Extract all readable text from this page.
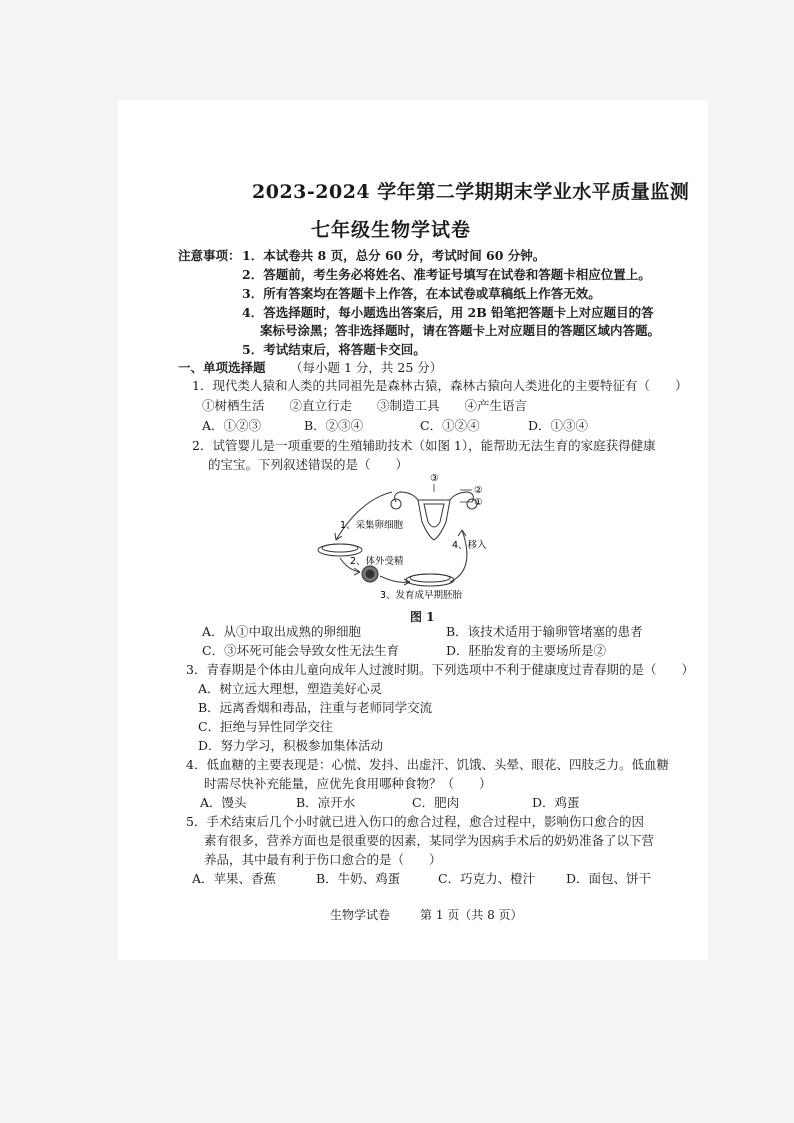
2023-2024 学年第二学期期末学业水平质量监测
七年级生物学试卷
注意事项： 1．本试卷共 8 页，总分 60 分，考试时间 60 分钟。
2．答题前，考生务必将姓名、准考证号填写在试卷和答题卡相应位置上。
3．所有答案均在答题卡上作答，在本试卷或草稿纸上作答无效。
4．答选择题时，每小题选出答案后，用 2B 铅笔把答题卡上对应题目的答
案标号涂黑；答非选择题时，请在答题卡上对应题目的答题区域内答题。
5．考试结束后，将答题卡交回。
一、单项选择题 （每小题 1 分，共 25 分）
1．现代类人猿和人类的共同祖先是森林古猿，森林古猿向人类进化的主要特征有（　　）
①树栖生活　　②直立行走　　③制造工具　　④产生语言
A．①②③	B．②③④	C．①②④	D．①③④
2．试管婴儿是一项重要的生殖辅助技术（如图 1），能帮助无法生育的家庭获得健康
的宝宝。下列叙述错误的是（　　）
③
②
①
1、采集卵细胞
2、体外受精
3、发育成早期胚胎
4、移入
图 1
A．从①中取出成熟的卵细胞	B．该技术适用于输卵管堵塞的患者
C．③坏死可能会导致女性无法生育	D．胚胎发育的主要场所是②
3．青春期是个体由儿童向成年人过渡时期。下列选项中不利于健康度过青春期的是（　　）
A．树立远大理想，塑造美好心灵
B．远离香烟和毒品，注重与老师同学交流
C．拒绝与异性同学交往
D．努力学习，积极参加集体活动
4．低血糖的主要表现是：心慌、发抖、出虚汗、饥饿、头晕、眼花、四肢乏力。低血糖
时需尽快补充能量，应优先食用哪种食物？（　　）
A．馒头	B．凉开水	C．肥肉	D．鸡蛋
5．手术结束后几个小时就已进入伤口的愈合过程，愈合过程中，影响伤口愈合的因
素有很多，营养方面也是很重要的因素，某同学为因病手术后的奶奶准备了以下营
养品，其中最有利于伤口愈合的是（　　）
A．苹果、香蕉	B．牛奶、鸡蛋	C．巧克力、橙汁 D．面包、饼干
生物学试卷 第 1 页（共 8 页）
